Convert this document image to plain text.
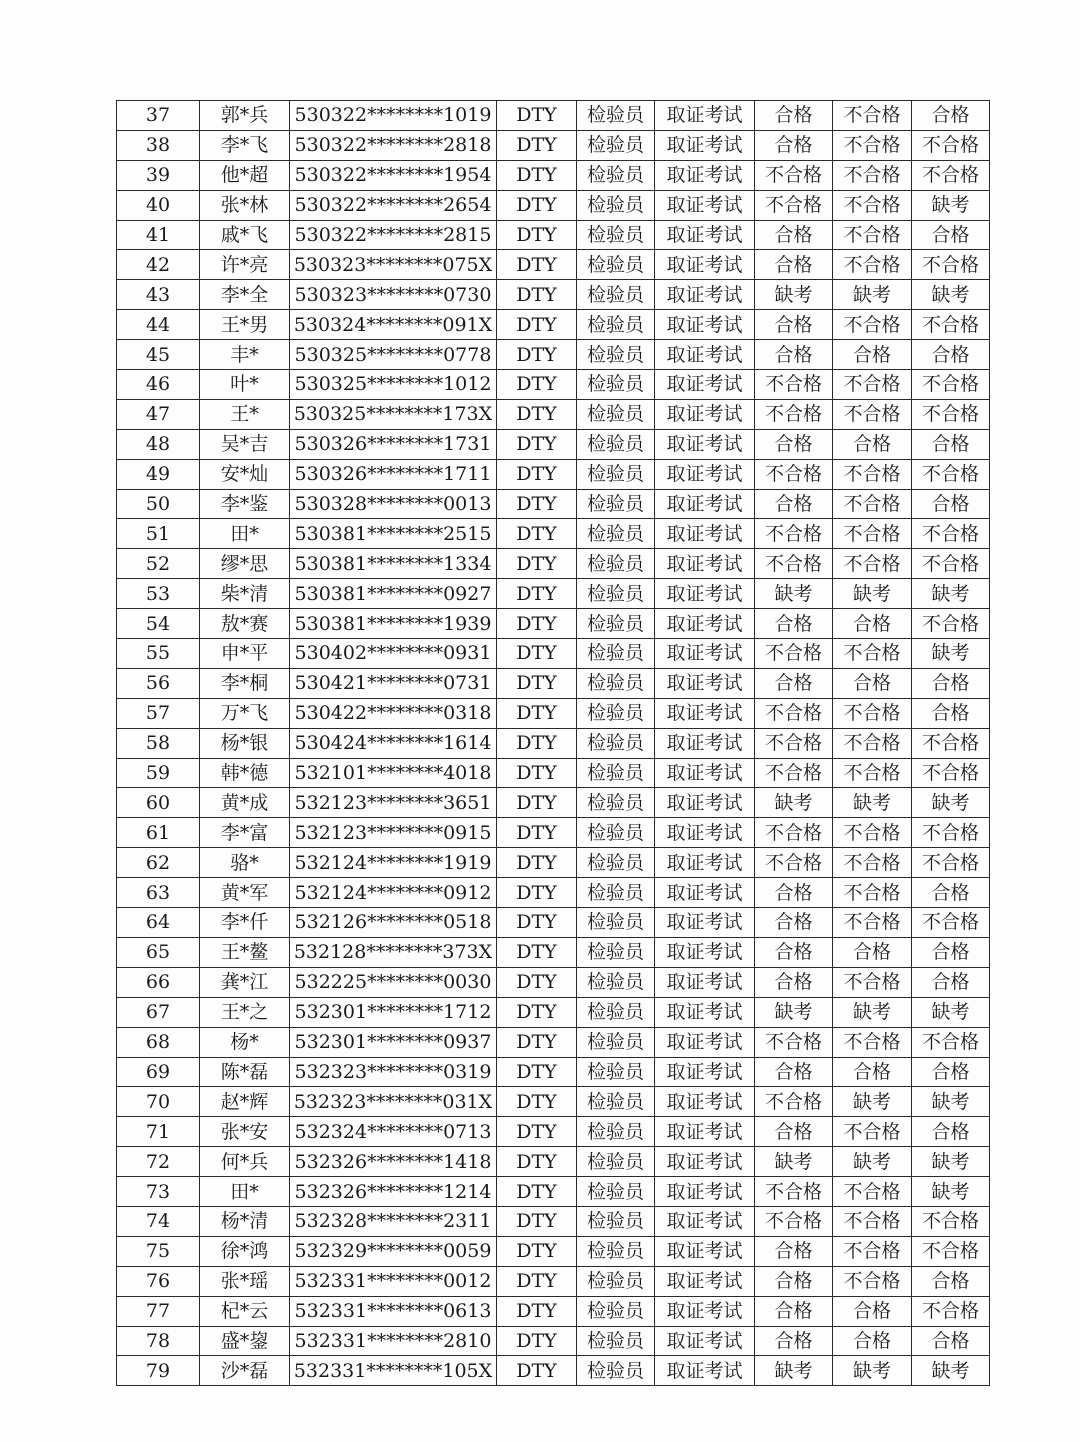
37	郭*兵	530322********1019	DTY	检验员	取证考试	合格	不合格	合格
38	李*飞	530322********2818	DTY	检验员	取证考试	合格	不合格	不合格
39	他*超	530322********1954	DTY	检验员	取证考试	不合格	不合格	不合格
40	张*林	530322********2654	DTY	检验员	取证考试	不合格	不合格	缺考
41	戚*飞	530322********2815	DTY	检验员	取证考试	合格	不合格	合格
42	许*亮	530323********075X	DTY	检验员	取证考试	合格	不合格	不合格
43	李*全	530323********0730	DTY	检验员	取证考试	缺考	缺考	缺考
44	王*男	530324********091X	DTY	检验员	取证考试	合格	不合格	不合格
45	丰*	530325********0778	DTY	检验员	取证考试	合格	合格	合格
46	叶*	530325********1012	DTY	检验员	取证考试	不合格	不合格	不合格
47	王*	530325********173X	DTY	检验员	取证考试	不合格	不合格	不合格
48	吴*吉	530326********1731	DTY	检验员	取证考试	合格	合格	合格
49	安*灿	530326********1711	DTY	检验员	取证考试	不合格	不合格	不合格
50	李*鉴	530328********0013	DTY	检验员	取证考试	合格	不合格	合格
51	田*	530381********2515	DTY	检验员	取证考试	不合格	不合格	不合格
52	缪*思	530381********1334	DTY	检验员	取证考试	不合格	不合格	不合格
53	柴*清	530381********0927	DTY	检验员	取证考试	缺考	缺考	缺考
54	敖*赛	530381********1939	DTY	检验员	取证考试	合格	合格	不合格
55	申*平	530402********0931	DTY	检验员	取证考试	不合格	不合格	缺考
56	李*桐	530421********0731	DTY	检验员	取证考试	合格	合格	合格
57	万*飞	530422********0318	DTY	检验员	取证考试	不合格	不合格	合格
58	杨*银	530424********1614	DTY	检验员	取证考试	不合格	不合格	不合格
59	韩*德	532101********4018	DTY	检验员	取证考试	不合格	不合格	不合格
60	黄*成	532123********3651	DTY	检验员	取证考试	缺考	缺考	缺考
61	李*富	532123********0915	DTY	检验员	取证考试	不合格	不合格	不合格
62	骆*	532124********1919	DTY	检验员	取证考试	不合格	不合格	不合格
63	黄*军	532124********0912	DTY	检验员	取证考试	合格	不合格	合格
64	李*仟	532126********0518	DTY	检验员	取证考试	合格	不合格	不合格
65	王*鳌	532128********373X	DTY	检验员	取证考试	合格	合格	合格
66	龚*江	532225********0030	DTY	检验员	取证考试	合格	不合格	合格
67	王*之	532301********1712	DTY	检验员	取证考试	缺考	缺考	缺考
68	杨*	532301********0937	DTY	检验员	取证考试	不合格	不合格	不合格
69	陈*磊	532323********0319	DTY	检验员	取证考试	合格	合格	合格
70	赵*辉	532323********031X	DTY	检验员	取证考试	不合格	缺考	缺考
71	张*安	532324********0713	DTY	检验员	取证考试	合格	不合格	合格
72	何*兵	532326********1418	DTY	检验员	取证考试	缺考	缺考	缺考
73	田*	532326********1214	DTY	检验员	取证考试	不合格	不合格	缺考
74	杨*清	532328********2311	DTY	检验员	取证考试	不合格	不合格	不合格
75	徐*鸿	532329********0059	DTY	检验员	取证考试	合格	不合格	不合格
76	张*瑶	532331********0012	DTY	检验员	取证考试	合格	不合格	合格
77	杞*云	532331********0613	DTY	检验员	取证考试	合格	合格	不合格
78	盛*鋆	532331********2810	DTY	检验员	取证考试	合格	合格	合格
79	沙*磊	532331********105X	DTY	检验员	取证考试	缺考	缺考	缺考
